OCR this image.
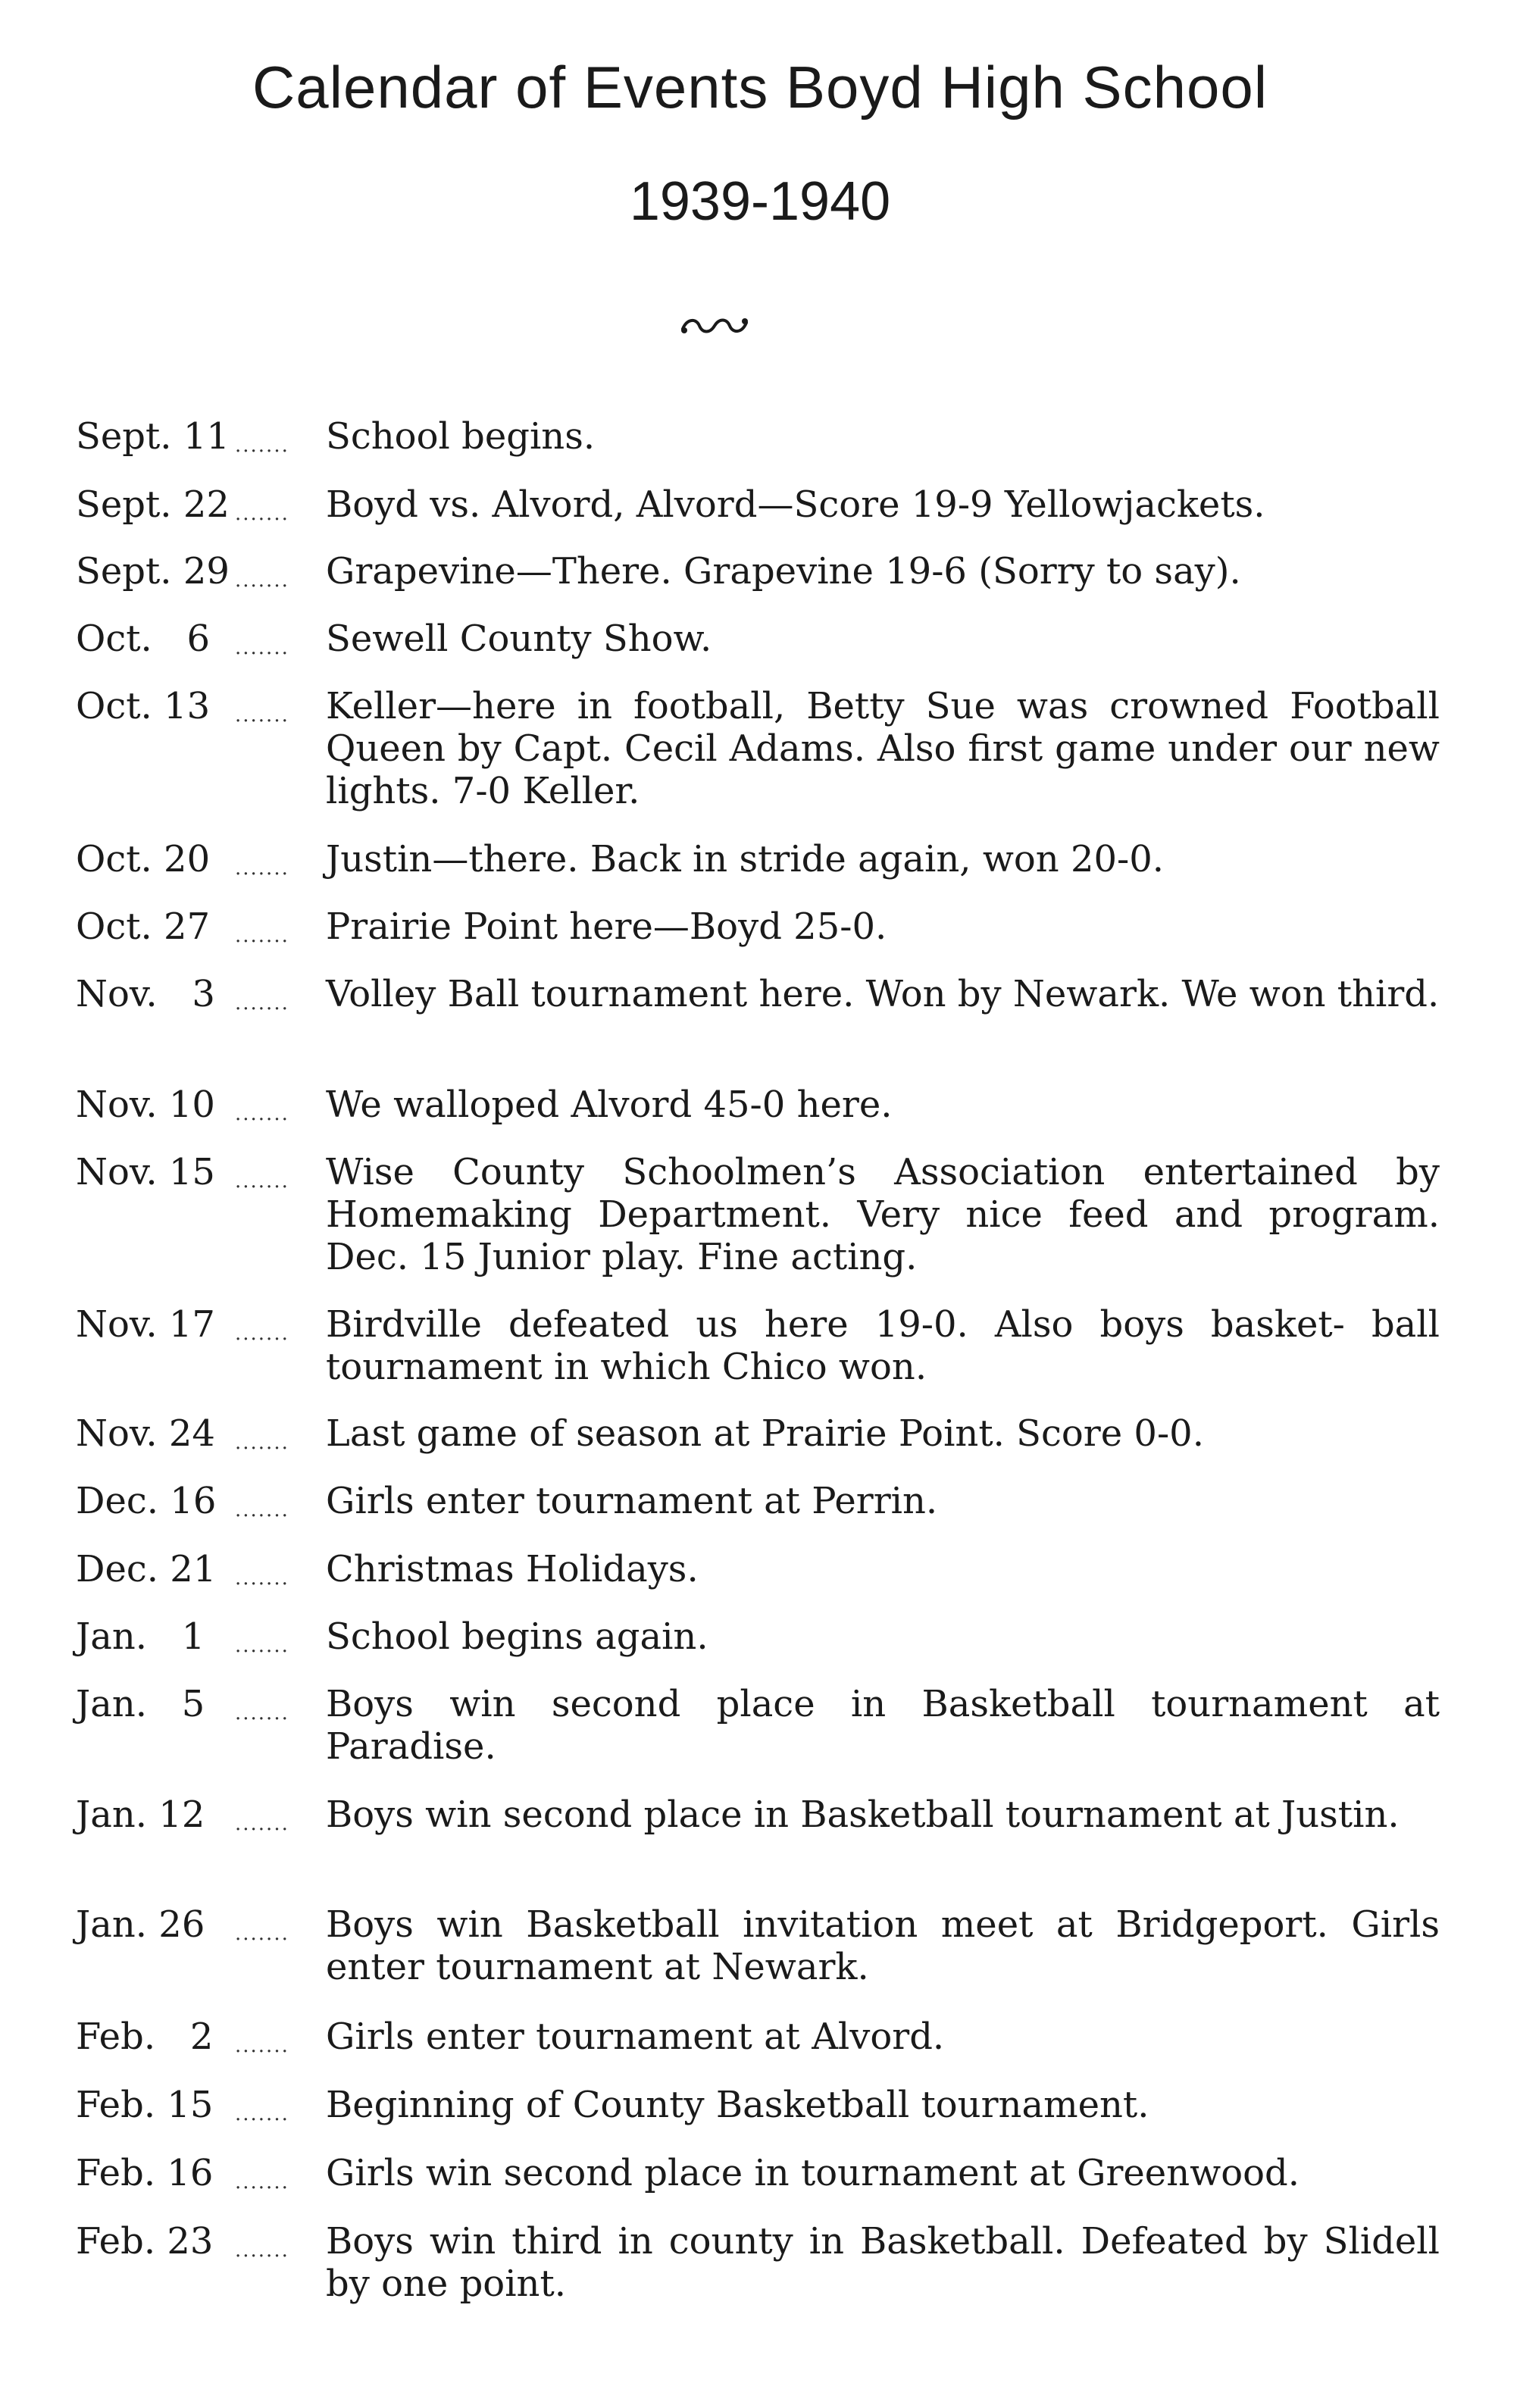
Calendar of Events Boyd High School
1939-1940
Sept. 11 .......	School begins.
Sept. 22 .......	Boyd vs. Alvord, Alvord—Score 19-9 Yellowjackets.
Sept. 29 .......	Grapevine—There. Grapevine 19-6 (Sorry to say).
Oct.   6	.......	Sewell County Show.
Oct. 13	.......	Keller—here in football, Betty Sue was crowned Football Queen by Capt. Cecil Adams. Also first game under our new lights. 7-0 Keller.
Oct. 20	.......	Justin—there. Back in stride again, won 20-0.
Oct. 27	.......	Prairie Point here—Boyd 25-0.
Nov.   3	.......	Volley Ball tournament here. Won by Newark. We won third.
Nov. 10	.......	We walloped Alvord 45-0 here.
Nov. 15	.......	Wise County Schoolmen’s Association entertained by Homemaking Department. Very nice feed and program. Dec. 15 Junior play. Fine acting.
Nov. 17	.......	Birdville defeated us here 19-0. Also boys basket- ball tournament in which Chico won.
Nov. 24	.......	Last game of season at Prairie Point. Score 0-0.
Dec. 16 .......	Girls enter tournament at Perrin.
Dec. 21 .......	Christmas Holidays.
Jan.   1	.......	School begins again.
Jan.   5	.......	Boys win second place in Basketball tournament at Paradise.
Jan. 12	.......	Boys win second place in Basketball tournament at Justin.
Jan. 26	.......	Boys win Basketball invitation meet at Bridgeport. Girls enter tournament at Newark.
Feb.   2	.......	Girls enter tournament at Alvord.
Feb. 15	.......	Beginning of County Basketball tournament.
Feb. 16	.......	Girls win second place in tournament at Greenwood.
Feb. 23	.......	Boys win third in county in Basketball. Defeated by Slidell by one point.
